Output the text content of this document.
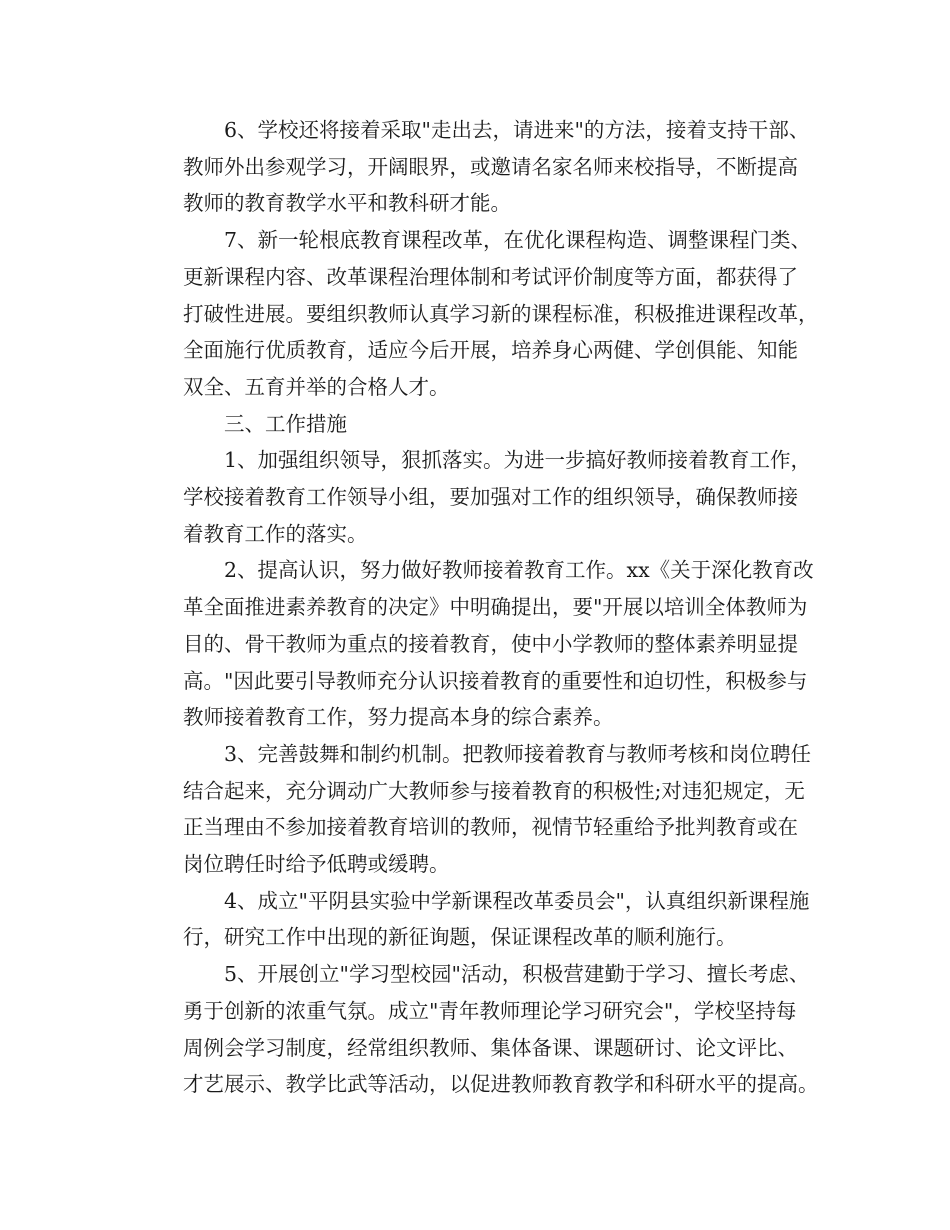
6、学校还将接着采取"走出去，请进来"的方法，接着支持干部、
教师外出参观学习，开阔眼界，或邀请名家名师来校指导，不断提高
教师的教育教学水平和教科研才能。
7、新一轮根底教育课程改革，在优化课程构造、调整课程门类、
更新课程内容、改革课程治理体制和考试评价制度等方面，都获得了
打破性进展。要组织教师认真学习新的课程标准，积极推进课程改革，
全面施行优质教育，适应今后开展，培养身心两健、学创俱能、知能
双全、五育并举的合格人才。
三、工作措施
1、加强组织领导，狠抓落实。为进一步搞好教师接着教育工作，
学校接着教育工作领导小组，要加强对工作的组织领导，确保教师接
着教育工作的落实。
2、提高认识，努力做好教师接着教育工作。xx《关于深化教育改
革全面推进素养教育的决定》中明确提出，要"开展以培训全体教师为
目的、骨干教师为重点的接着教育，使中小学教师的整体素养明显提
高。"因此要引导教师充分认识接着教育的重要性和迫切性，积极参与
教师接着教育工作，努力提高本身的综合素养。
3、完善鼓舞和制约机制。把教师接着教育与教师考核和岗位聘任
结合起来，充分调动广大教师参与接着教育的积极性;对违犯规定，无
正当理由不参加接着教育培训的教师，视情节轻重给予批判教育或在
岗位聘任时给予低聘或缓聘。
4、成立"平阴县实验中学新课程改革委员会"，认真组织新课程施
行，研究工作中出现的新征询题，保证课程改革的顺利施行。
5、开展创立"学习型校园"活动，积极营建勤于学习、擅长考虑、
勇于创新的浓重气氛。成立"青年教师理论学习研究会"，学校坚持每
周例会学习制度，经常组织教师、集体备课、课题研讨、论文评比、
才艺展示、教学比武等活动，以促进教师教育教学和科研水平的提高。
